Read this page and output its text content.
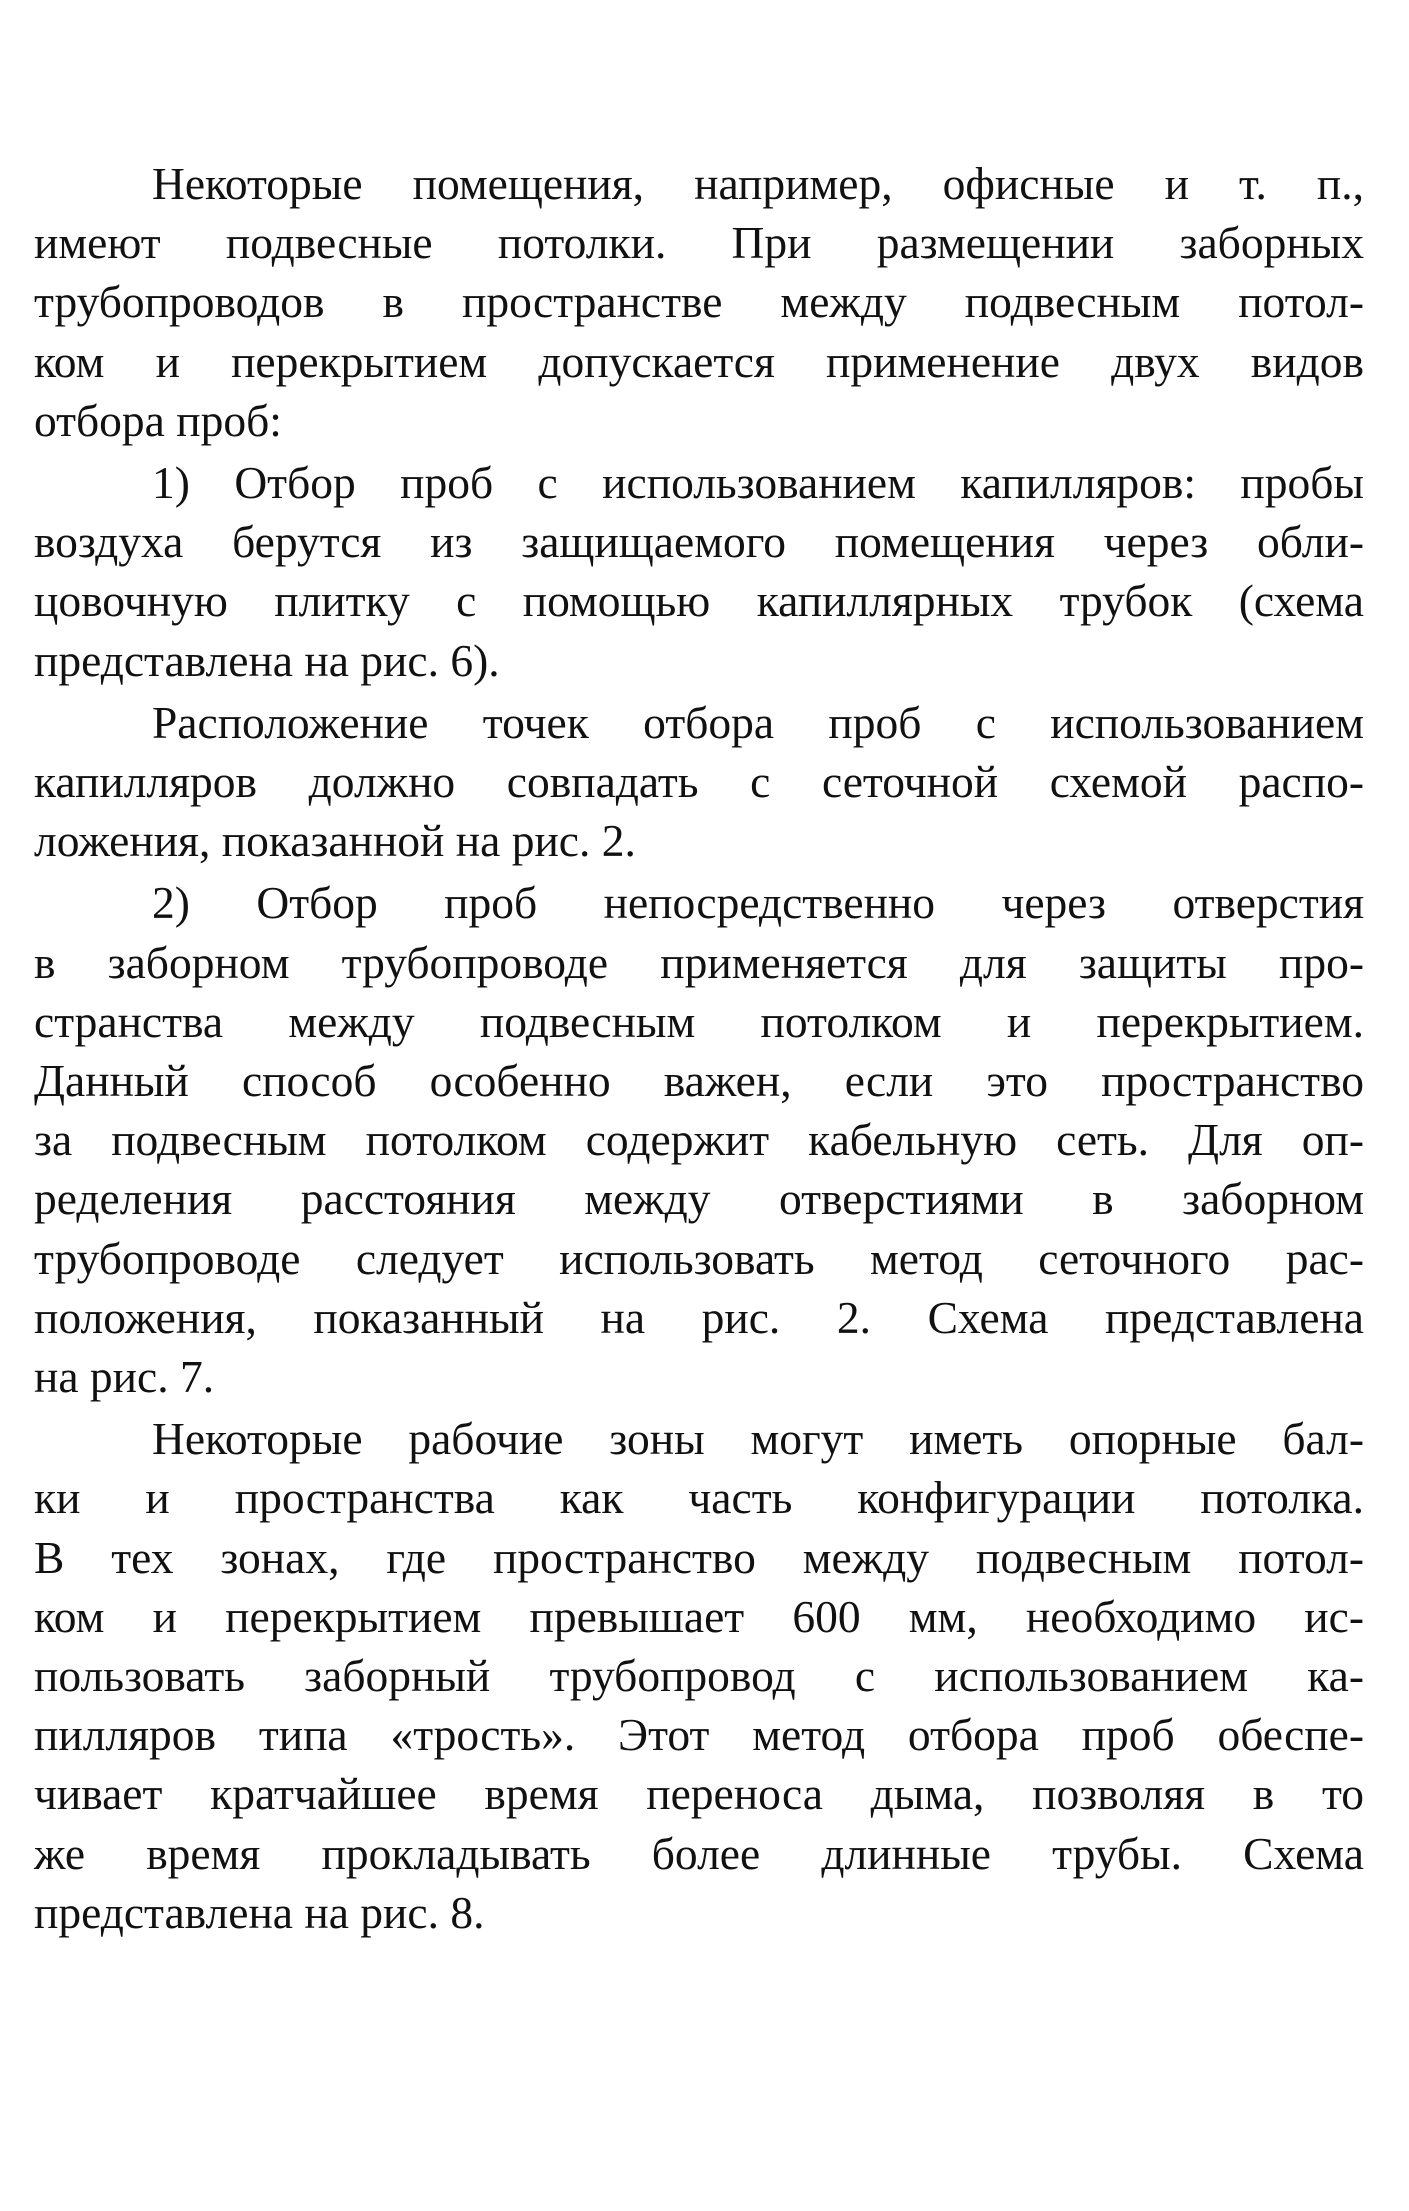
Некоторые помещения, например, офисные и т. п.,
имеют подвесные потолки. При размещении заборных
трубопроводов в пространстве между подвесным потол-
ком и перекрытием допускается применение двух видов
отбора проб:
1) Отбор проб с использованием капилляров: пробы
воздуха берутся из защищаемого помещения через обли-
цовочную плитку с помощью капиллярных трубок (схема
представлена на рис. 6).
Расположение точек отбора проб с использованием
капилляров должно совпадать с сеточной схемой распо-
ложения, показанной на рис. 2.
2) Отбор проб непосредственно через отверстия
в заборном трубопроводе применяется для защиты про-
странства между подвесным потолком и перекрытием.
Данный способ особенно важен, если это пространство
за подвесным потолком содержит кабельную сеть. Для оп-
ределения расстояния между отверстиями в заборном
трубопроводе следует использовать метод сеточного рас-
положения, показанный на рис. 2. Схема представлена
на рис. 7.
Некоторые рабочие зоны могут иметь опорные бал-
ки и пространства как часть конфигурации потолка.
В тех зонах, где пространство между подвесным потол-
ком и перекрытием превышает 600 мм, необходимо ис-
пользовать заборный трубопровод с использованием ка-
пилляров типа «трость». Этот метод отбора проб обеспе-
чивает кратчайшее время переноса дыма, позволяя в то
же время прокладывать более длинные трубы. Схема
представлена на рис. 8.
